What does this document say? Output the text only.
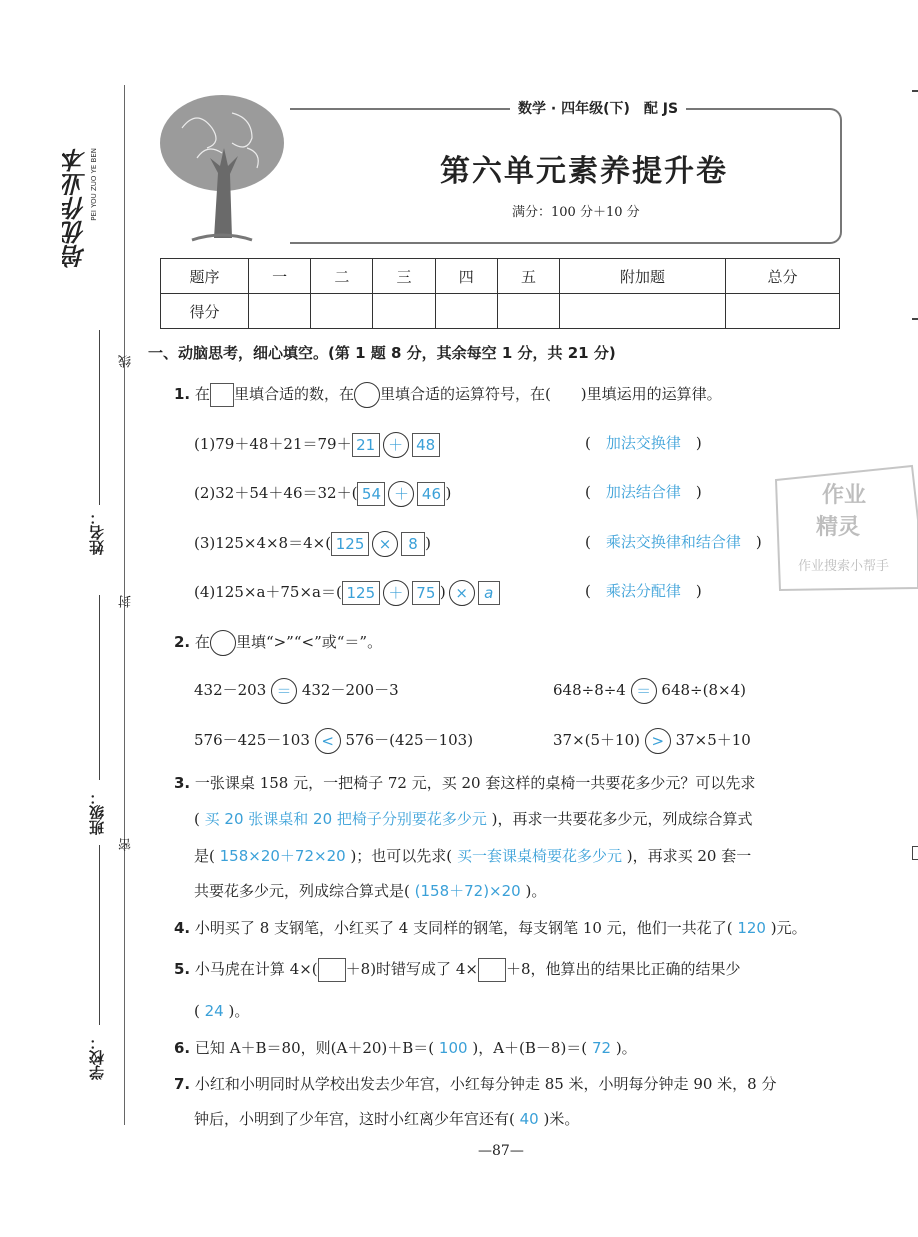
培优作业本 PEI YOU ZUO YE BEN
线
封
密
姓名：
班级：
学校：
数学 · 四年级(下)　配 JS
第六单元素养提升卷
满分：100 分＋10 分
题序	一	二	三	四	五	附加题	总分
得分							
一、动脑思考，细心填空。(第 1 题 8 分，其余每空 1 分，共 21 分)
1. 在 里填合适的数，在 里填合适的运算符号，在(　　)里填运用的运算律。
(1)79＋48＋21＝79＋ 21 ＋ 48	(　加法交换律　)
(2)32＋54＋46＝32＋( 54 ＋ 46 )	(　加法结合律　)
(3)125×4×8＝4×( 125 × 8 )	(　乘法交换律和结合律　)
(4)125×a＋75×a＝( 125 ＋ 75 ) × a	(　乘法分配律　)
2. 在 里填“>”“<”或“＝”。
432－203 ＝ 432－200－3	648÷8÷4 ＝ 648÷(8×4)
576－425－103 < 576－(425－103)	37×(5＋10) > 37×5＋10
3. 一张课桌 158 元，一把椅子 72 元，买 20 套这样的桌椅一共要花多少元？可以先求
( 买 20 张课桌和 20 把椅子分别要花多少元 )，再求一共要花多少元，列成综合算式
是( 158×20＋72×20 )；也可以先求( 买一套课桌椅要花多少元 )，再求买 20 套一
共要花多少元，列成综合算式是( (158＋72)×20 )。
4. 小明买了 8 支钢笔，小红买了 4 支同样的钢笔，每支钢笔 10 元，他们一共花了( 120 )元。
5. 小马虎在计算 4×( ＋8)时错写成了 4× ＋8，他算出的结果比正确的结果少
( 24 )。
6. 已知 A＋B＝80，则(A＋20)＋B＝( 100 )，A＋(B－8)＝( 72 )。
7. 小红和小明同时从学校出发去少年宫，小红每分钟走 85 米，小明每分钟走 90 米，8 分
钟后，小明到了少年宫，这时小红离少年宫还有( 40 )米。
—87—
作业
精灵
作业搜索小帮手
